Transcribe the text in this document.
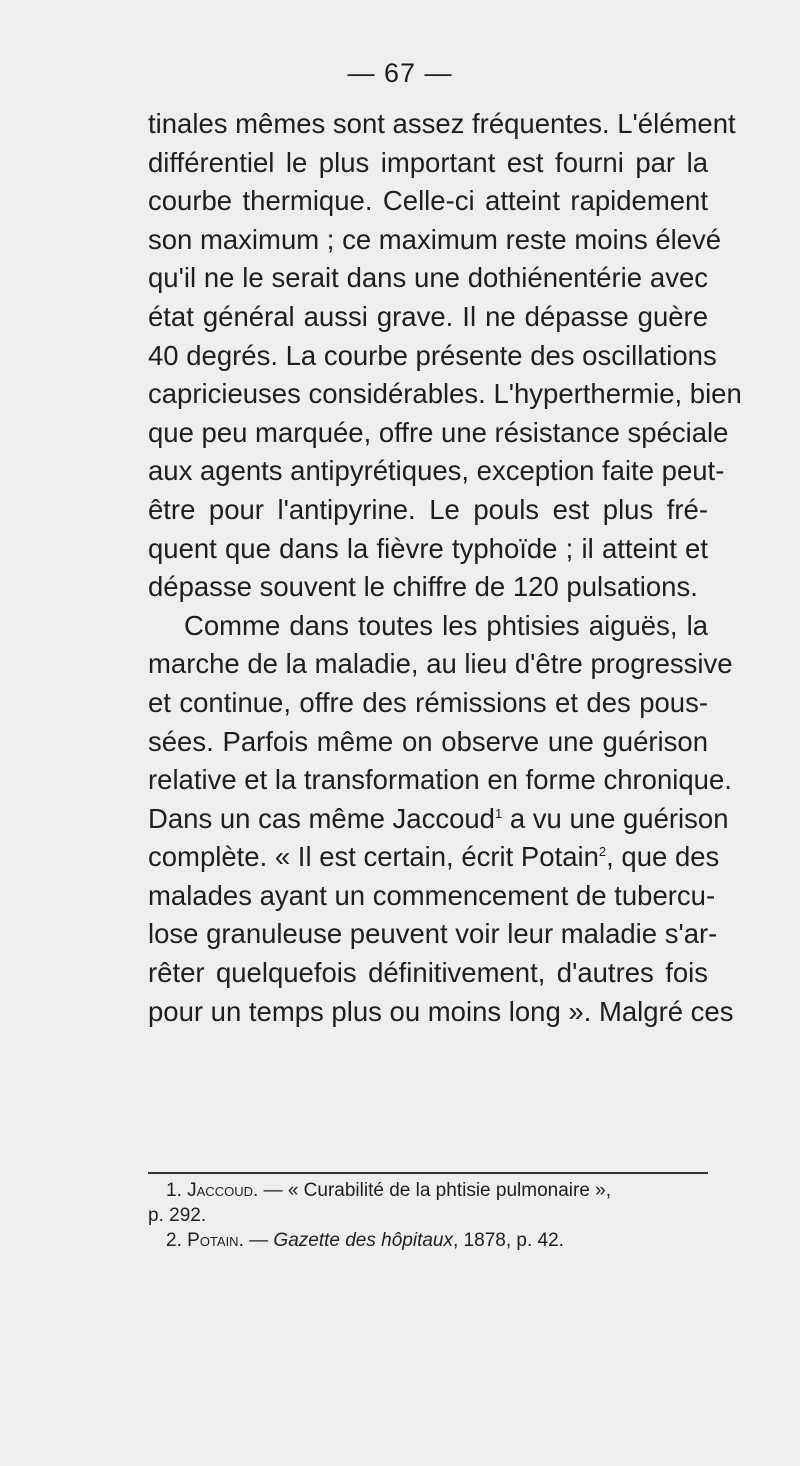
— 67 —
tinales mêmes sont assez fréquentes. L'élément
différentiel le plus important est fourni par la
courbe thermique. Celle-ci atteint rapidement
son maximum ; ce maximum reste moins élevé
qu'il ne le serait dans une dothiénentérie avec
état général aussi grave. Il ne dépasse guère
40 degrés. La courbe présente des oscillations
capricieuses considérables. L'hyperthermie, bien
que peu marquée, offre une résistance spéciale
aux agents antipyrétiques, exception faite peut-
être pour l'antipyrine. Le pouls est plus fré-
quent que dans la fièvre typhoïde ; il atteint et
dépasse souvent le chiffre de 120 pulsations.
Comme dans toutes les phtisies aiguës, la
marche de la maladie, au lieu d'être progressive
et continue, offre des rémissions et des pous-
sées. Parfois même on observe une guérison
relative et la transformation en forme chronique.
Dans un cas même Jaccoud$^1$ a vu une guérison
complète. « Il est certain, écrit Potain$^2$, que des
malades ayant un commencement de tubercu-
lose granuleuse peuvent voir leur maladie s'ar-
rêter quelquefois définitivement, d'autres fois
pour un temps plus ou moins long ». Malgré ces
1. Jaccoud. — « Curabilité de la phtisie pulmonaire »,
p. 292.
2. Potain. — Gazette des hôpitaux, 1878, p. 42.
